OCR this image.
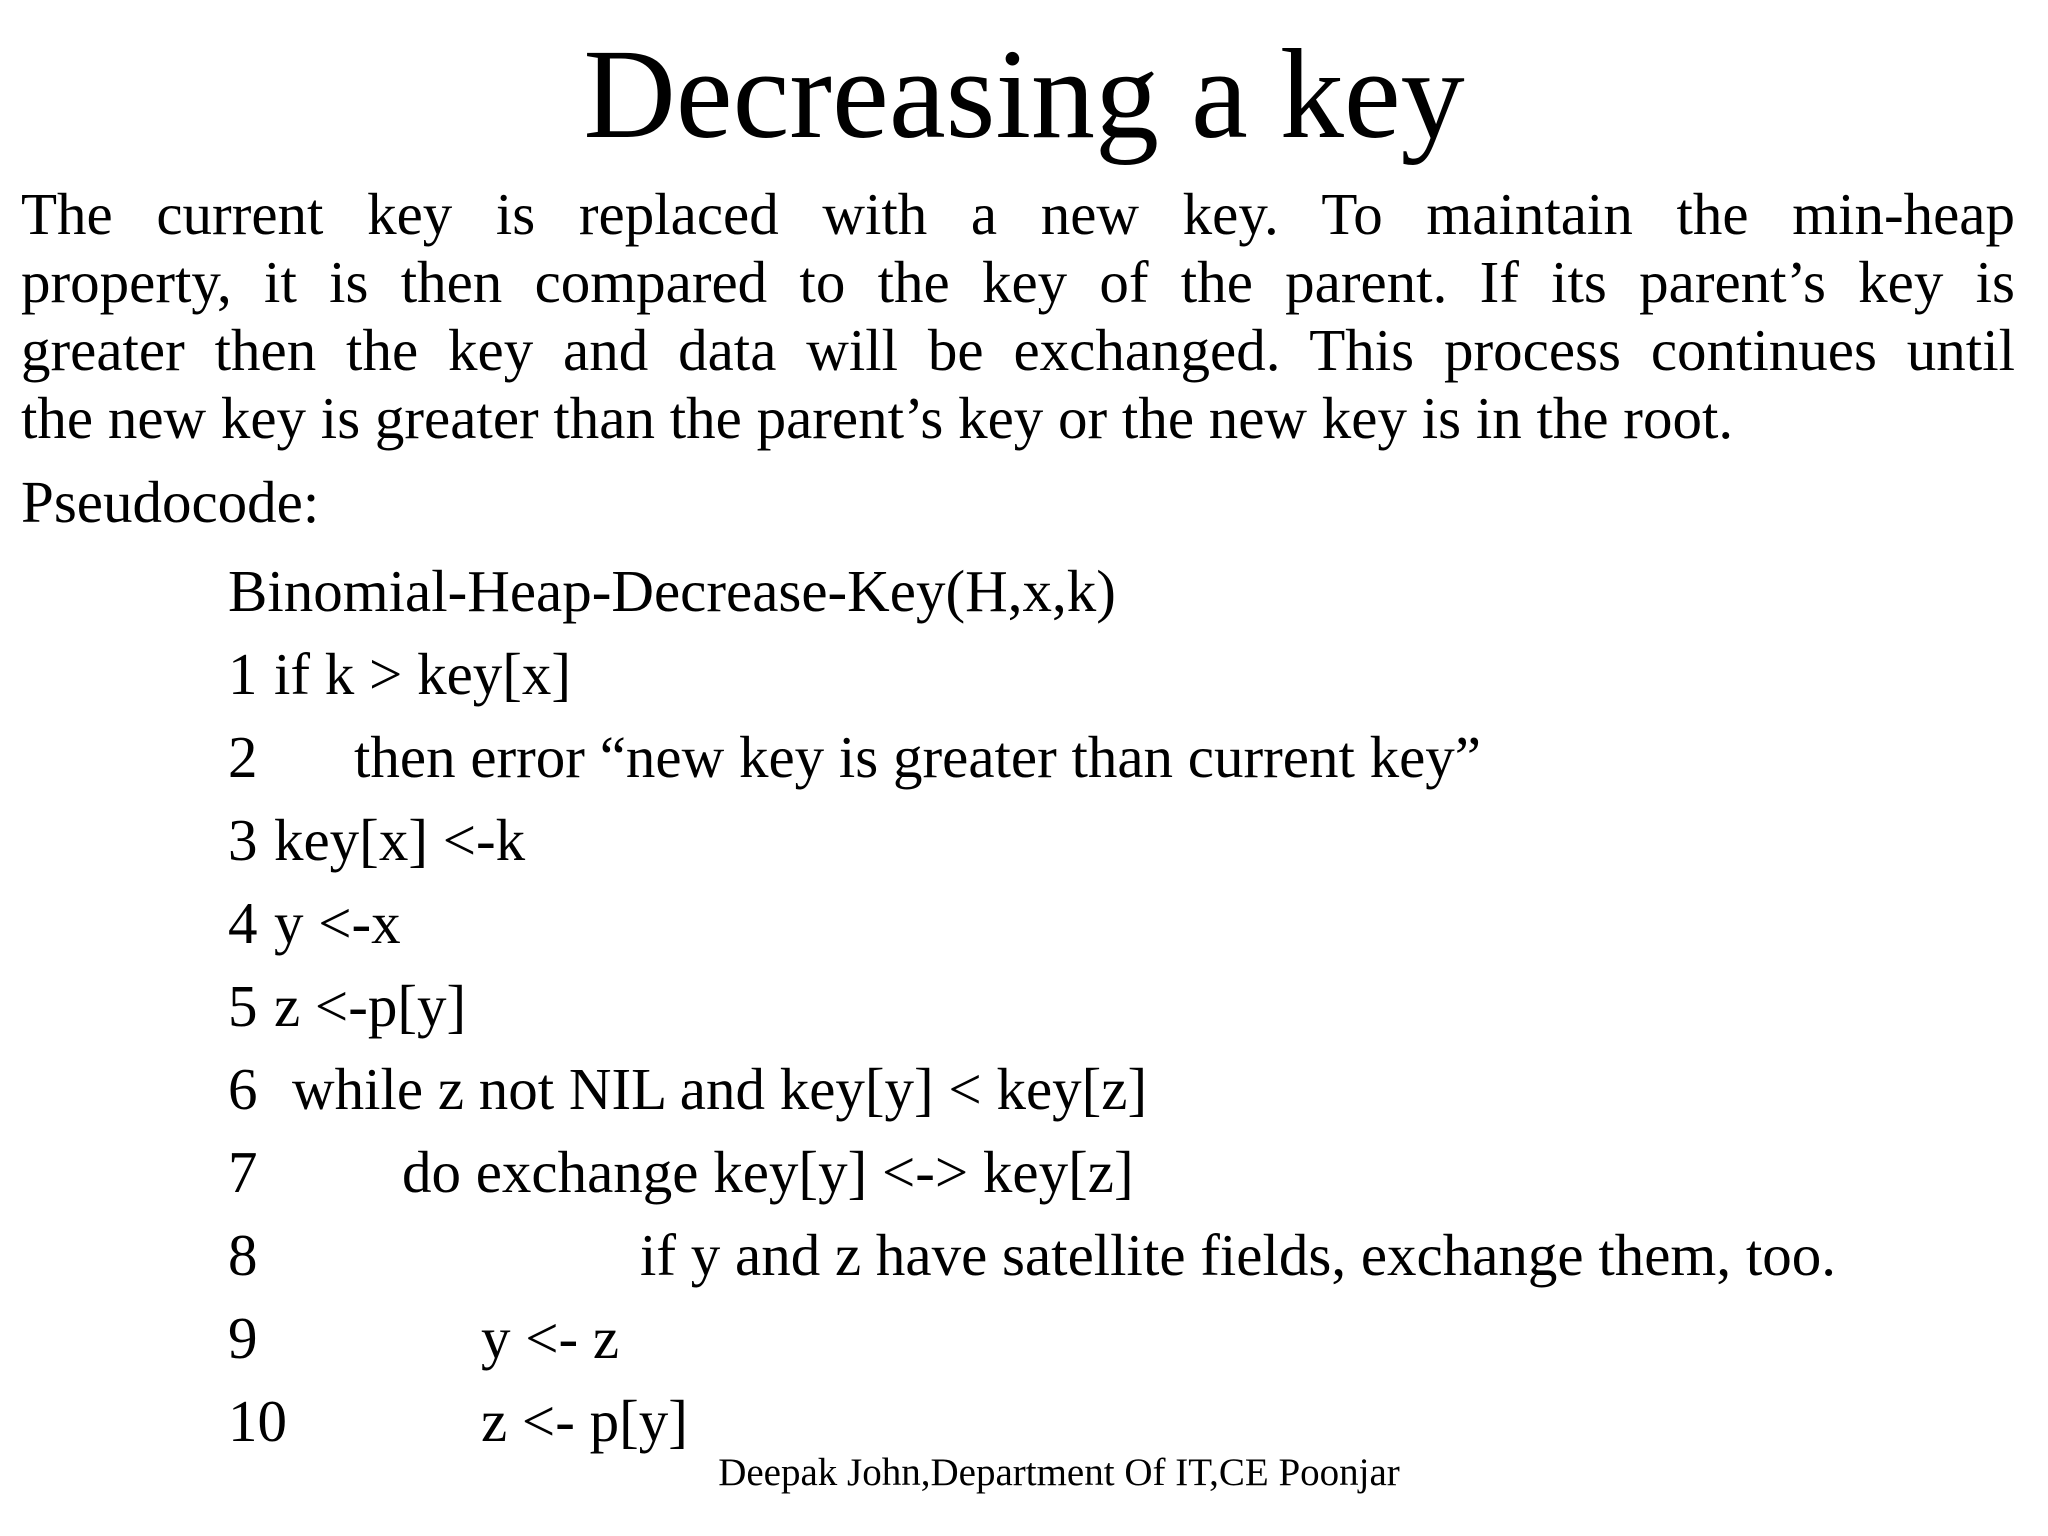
Decreasing a key
The current key is replaced with a new key. To maintain the min-heap
property, it is then compared to the key of the parent. If its parent’s key is
greater then the key and data will be exchanged. This process continues until
the new key is greater than the parent’s key or the new key is in the root.
Pseudocode:
Binomial-Heap-Decrease-Key(H,x,k)
1 if k > key[x]
2 then error “new key is greater than current key”
3 key[x] <-k
4 y <-x
5 z <-p[y]
6 while z not NIL and key[y] < key[z]
7 do exchange key[y] <-> key[z]
8	if y and z have satellite fields, exchange them, too.
9	y <- z
10	z <- p[y]
Deepak John,Department Of IT,CE Poonjar
